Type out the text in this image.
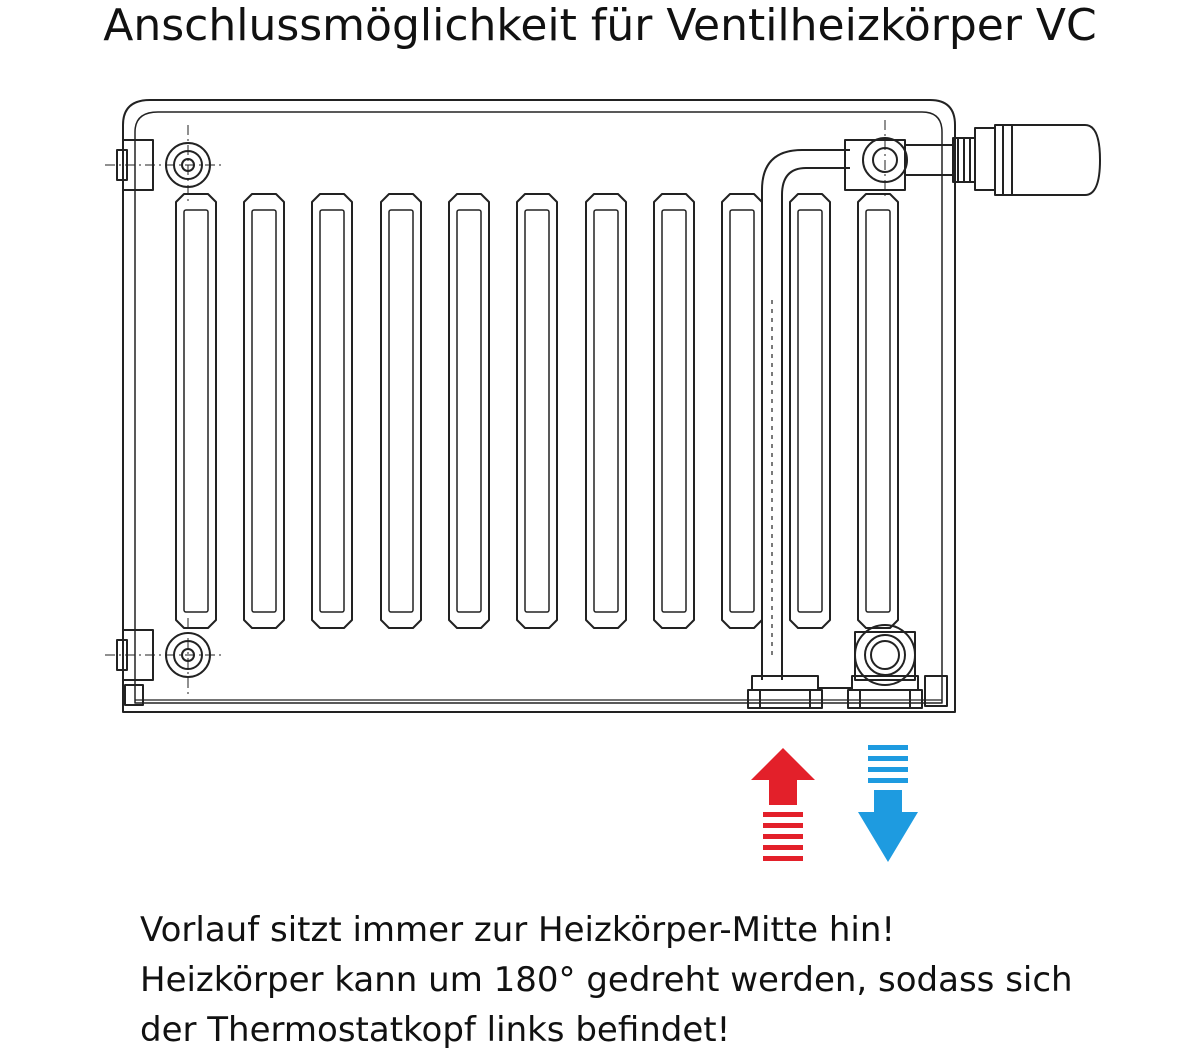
Anschlussmöglichkeit für Ventilheizkörper VC
Vorlauf sitzt immer zur Heizkörper-Mitte hin!
Heizkörper kann um 180° gedreht werden, sodass sich
der Thermostatkopf links befindet!
